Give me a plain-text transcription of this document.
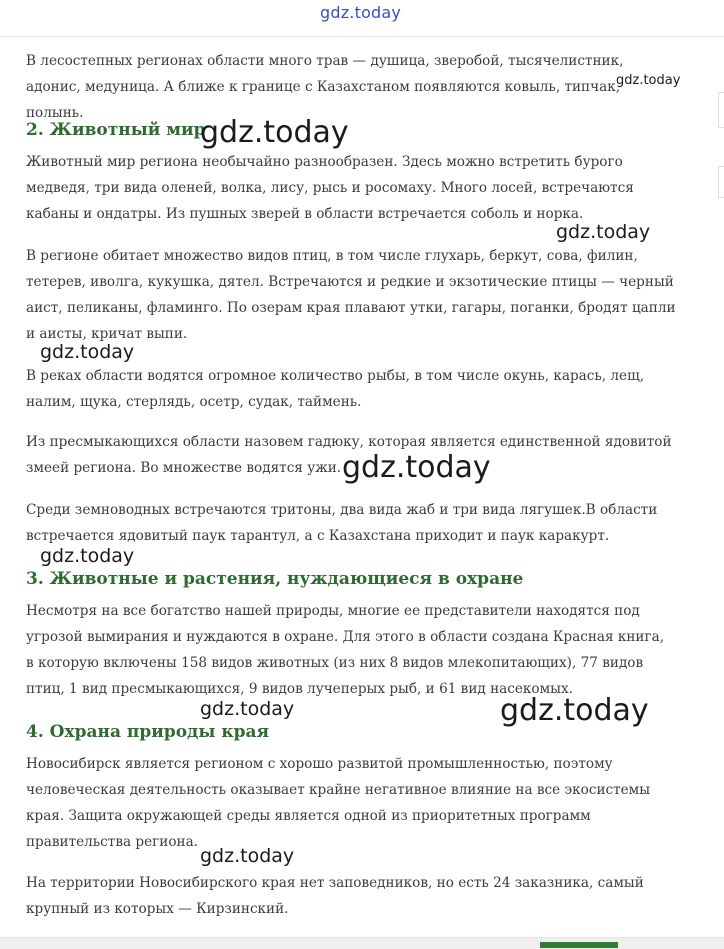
gdz.today

В лесостепных регионах области много трав — душица, зверобой, тысячелистник, адонис, медуница. А ближе к границе с Казахстаном появляются ковыль, типчак, полынь.

2. Животный мир

Животный мир региона необычайно разнообразен. Здесь можно встретить бурого медведя, три вида оленей, волка, лису, рысь и росомаху. Много лосей, встречаются кабаны и ондатры. Из пушных зверей в области встречается соболь и норка.

В регионе обитает множество видов птиц, в том числе глухарь, беркут, сова, филин, тетерев, иволга, кукушка, дятел. Встречаются и редкие и экзотические птицы — черный аист, пеликаны, фламинго. По озерам края плавают утки, гагары, поганки, бродят цапли и аисты, кричат выпи.

В реках области водятся огромное количество рыбы, в том числе окунь, карась, лещ, налим, щука, стерлядь, осетр, судак, таймень.

Из пресмыкающихся области назовем гадюку, которая является единственной ядовитой змеей региона. Во множестве водятся ужи.

Среди земноводных встречаются тритоны, два вида жаб и три вида лягушек.В области встречается ядовитый паук тарантул, а с Казахстана приходит и паук каракурт.

3. Животные и растения, нуждающиеся в охране

Несмотря на все богатство нашей природы, многие ее представители находятся под угрозой вымирания и нуждаются в охране. Для этого в области создана Красная книга, в которую включены 158 видов животных (из них 8 видов млекопитающих), 77 видов птиц, 1 вид пресмыкающихся, 9 видов лучеперых рыб, и 61 вид насекомых.

4. Охрана природы края

Новосибирск является регионом с хорошо развитой промышленностью, поэтому человеческая деятельность оказывает крайне негативное влияние на все экосистемы края. Защита окружающей среды является одной из приоритетных программ правительства региона.

На территории Новосибирского края нет заповедников, но есть 24 заказника, самый крупный из которых — Кирзинский.

gdz.today
gdz.today
gdz.today
gdz.today
gdz.today
gdz.today
gdz.today	gdz.today
gdz.today
